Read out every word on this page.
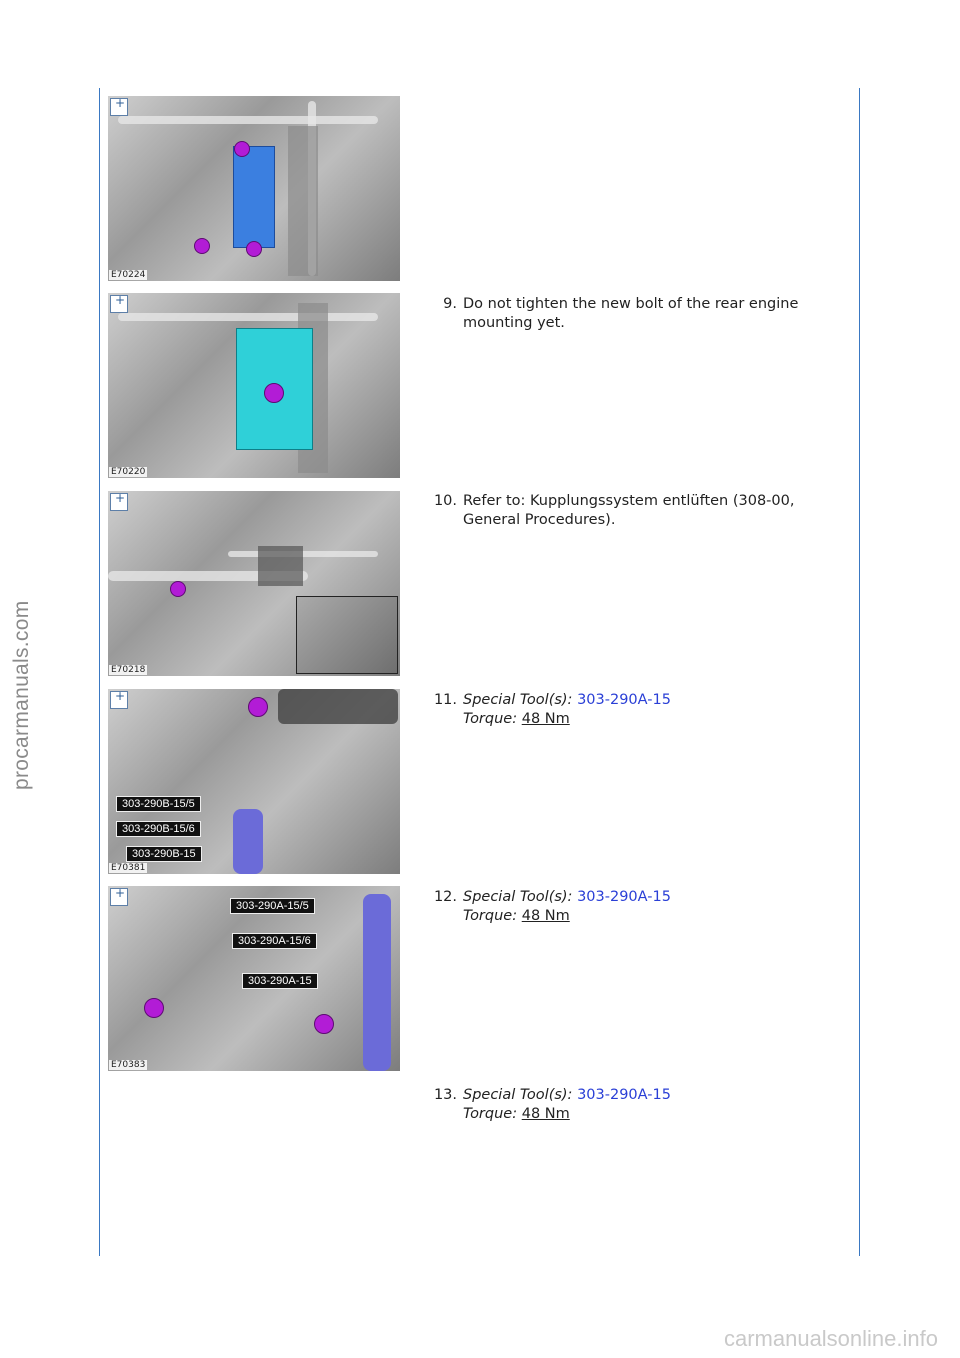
procarmanuals.com
+
E70224
+
E70220
+
E70218
303-290B-15/5
303-290B-15/6
303-290B-15
+
E70381
303-290A-15/5
303-290A-15/6
303-290A-15
+
E70383
9. Do not tighten the new bolt of the rear engine mounting yet.
10. Refer to: Kupplungssystem entlüften (308-00, General Procedures).
11. Special Tool(s): 303-290A-15
Torque: 48 Nm
12. Special Tool(s): 303-290A-15
Torque: 48 Nm
13. Special Tool(s): 303-290A-15
Torque: 48 Nm
carmanualsonline.info
